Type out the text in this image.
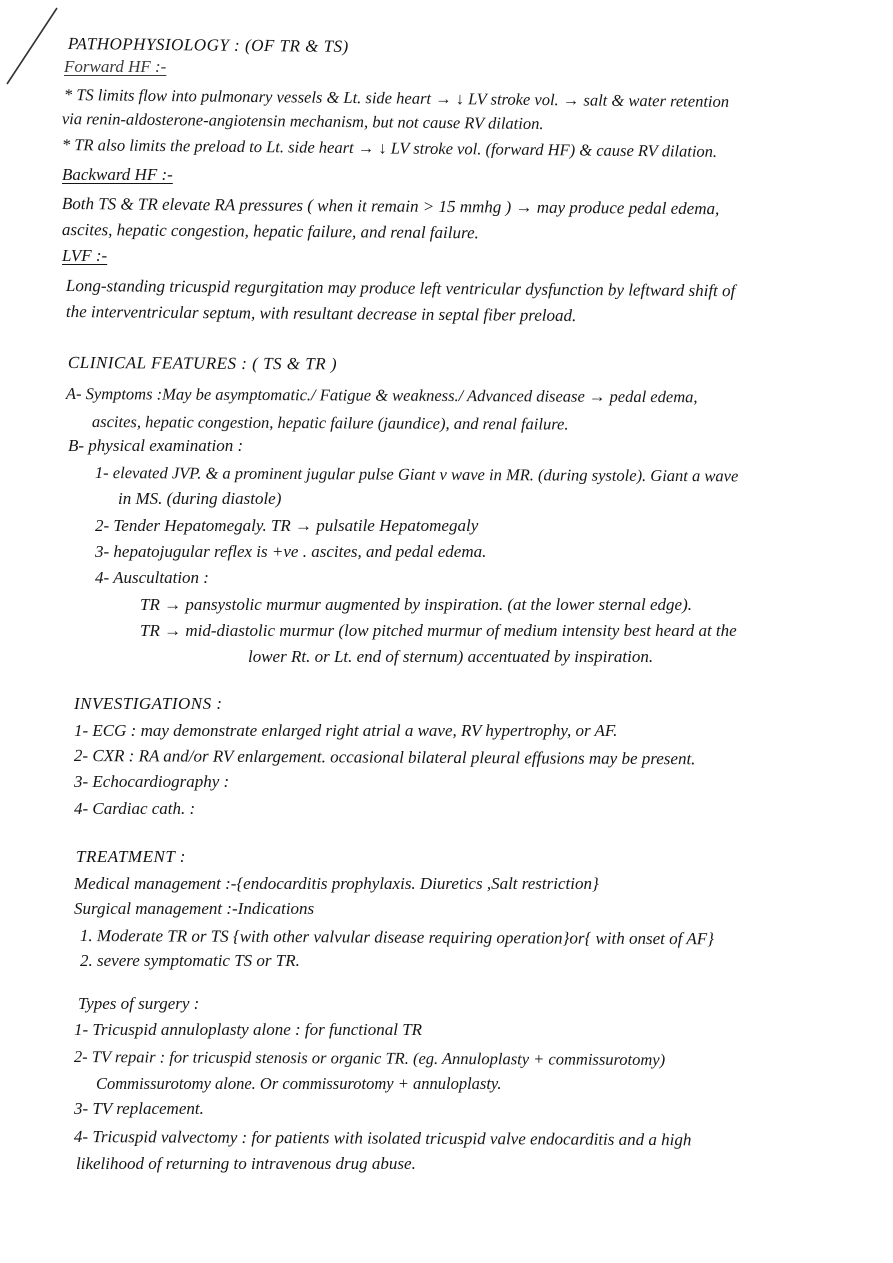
PATHOPHYSIOLOGY : (OF TR & TS)
Forward HF :-
* TS limits flow into pulmonary vessels & Lt. side heart → ↓ LV stroke vol. → salt & water retention
via renin-aldosterone-angiotensin mechanism, but not cause RV dilation.
* TR also limits the preload to Lt. side heart → ↓ LV stroke vol. (forward HF) & cause RV dilation.
Backward HF :-
Both TS & TR elevate RA pressures ( when it remain > 15 mmhg ) → may produce pedal edema,
ascites, hepatic congestion, hepatic failure, and renal failure.
LVF :-
Long-standing tricuspid regurgitation may produce left ventricular dysfunction by leftward shift of
the interventricular septum, with resultant decrease in septal fiber preload.
CLINICAL FEATURES : ( TS & TR )
A- Symptoms :May be asymptomatic./ Fatigue & weakness./ Advanced disease → pedal edema,
ascites, hepatic congestion, hepatic failure (jaundice), and renal failure.
B- physical examination :
1- elevated JVP. & a prominent jugular pulse Giant v wave in MR. (during systole). Giant a wave
in MS. (during diastole)
2- Tender Hepatomegaly. TR → pulsatile Hepatomegaly
3- hepatojugular reflex is +ve . ascites, and pedal edema.
4- Auscultation :
TR → pansystolic murmur augmented by inspiration. (at the lower sternal edge).
TR → mid-diastolic murmur (low pitched murmur of medium intensity best heard at the
lower Rt. or Lt. end of sternum) accentuated by inspiration.
INVESTIGATIONS :
1- ECG : may demonstrate enlarged right atrial a wave, RV hypertrophy, or AF.
2- CXR : RA and/or RV enlargement. occasional bilateral pleural effusions may be present.
3- Echocardiography :
4- Cardiac cath. :
TREATMENT :
Medical management :-{endocarditis prophylaxis. Diuretics ,Salt restriction}
Surgical management :-Indications
1. Moderate TR or TS {with other valvular disease requiring operation}or{ with onset of AF}
2. severe symptomatic TS or TR.
Types of surgery :
1- Tricuspid annuloplasty alone : for functional TR
2- TV repair : for tricuspid stenosis or organic TR. (eg. Annuloplasty + commissurotomy)
Commissurotomy alone. Or commissurotomy + annuloplasty.
3- TV replacement.
4- Tricuspid valvectomy : for patients with isolated tricuspid valve endocarditis and a high
likelihood of returning to intravenous drug abuse.
